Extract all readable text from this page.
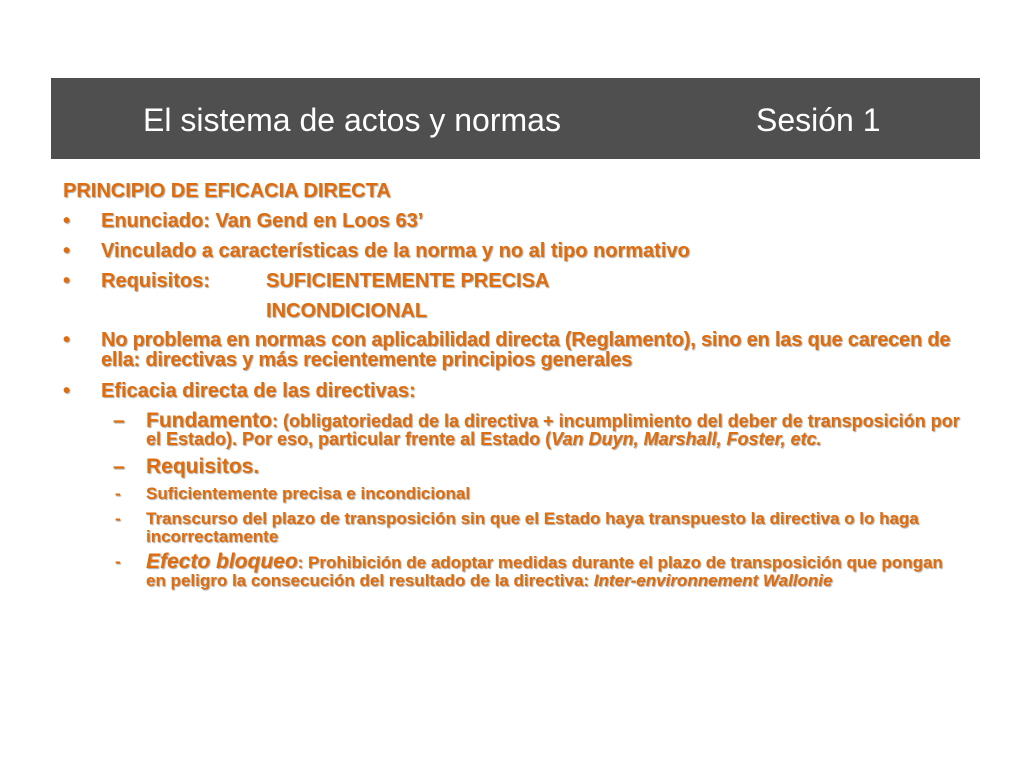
El sistema de actos y normas	Sesión 1
PRINCIPIO DE EFICACIA DIRECTA
• Enunciado: Van Gend en Loos 63’
• Vinculado a características de la norma y no al tipo normativo
• Requisitos:	SUFICIENTEMENTE PRECISA
INCONDICIONAL
• No problema en normas con aplicabilidad directa (Reglamento), sino en las que carecen de ella: directivas y más recientemente principios generales
• Eficacia directa de las directivas:
– Fundamento: (obligatoriedad de la directiva + incumplimiento del deber de transposición por el Estado). Por eso, particular frente al Estado (Van Duyn, Marshall, Foster, etc.
– Requisitos.
- Suficientemente precisa e incondicional
- Transcurso del plazo de transposición sin que el Estado haya transpuesto la directiva o lo haga incorrectamente
- Efecto bloqueo: Prohibición de adoptar medidas durante el plazo de transposición que pongan en peligro la consecución del resultado de la directiva: Inter-environnement Wallonie
